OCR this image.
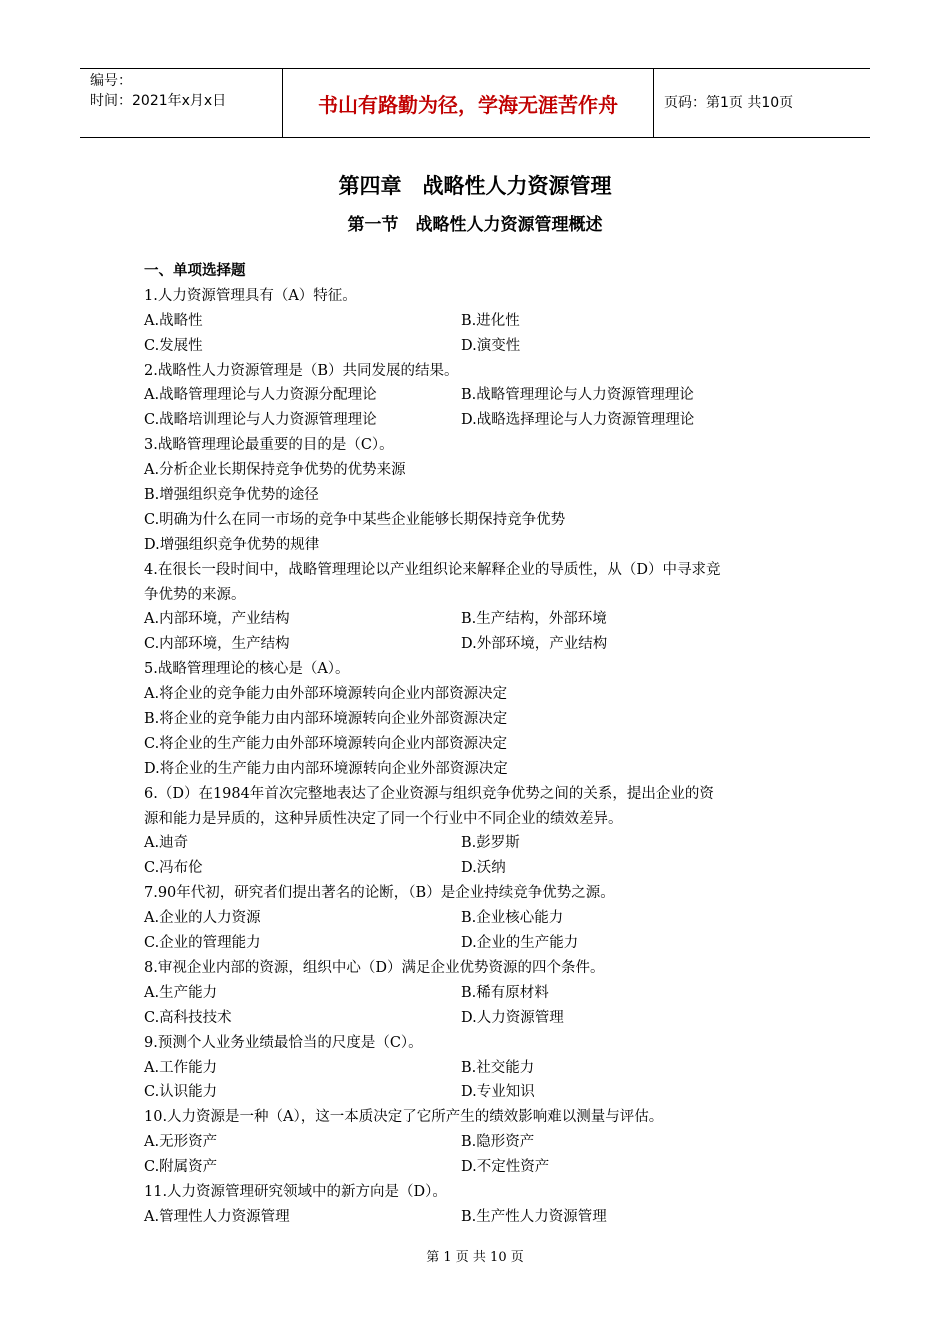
编号：
时间：2021年x月x日	书山有路勤为径，学海无涯苦作舟	页码：第1页 共10页
第四章　战略性人力资源管理
第一节　战略性人力资源管理概述
一、单项选择题
1.人力资源管理具有（A）特征。
A.战略性	B.进化性
C.发展性	D.演变性
2.战略性人力资源管理是（B）共同发展的结果。
A.战略管理理论与人力资源分配理论	B.战略管理理论与人力资源管理理论
C.战略培训理论与人力资源管理理论	D.战略选择理论与人力资源管理理论
3.战略管理理论最重要的目的是（C）。
A.分析企业长期保持竞争优势的优势来源
B.增强组织竞争优势的途径
C.明确为什么在同一市场的竞争中某些企业能够长期保持竞争优势
D.增强组织竞争优势的规律
4.在很长一段时间中，战略管理理论以产业组织论来解释企业的导质性，从（D）中寻求竞
争优势的来源。
A.内部环境，产业结构	B.生产结构，外部环境
C.内部环境，生产结构	D.外部环境，产业结构
5.战略管理理论的核心是（A）。
A.将企业的竞争能力由外部环境源转向企业内部资源决定
B.将企业的竞争能力由内部环境源转向企业外部资源决定
C.将企业的生产能力由外部环境源转向企业内部资源决定
D.将企业的生产能力由内部环境源转向企业外部资源决定
6.（D）在1984年首次完整地表达了企业资源与组织竞争优势之间的关系，提出企业的资
源和能力是异质的，这种异质性决定了同一个行业中不同企业的绩效差异。
A.迪奇	B.彭罗斯
C.冯布伦	D.沃纳
7.90年代初，研究者们提出著名的论断，（B）是企业持续竞争优势之源。
A.企业的人力资源	B.企业核心能力
C.企业的管理能力	D.企业的生产能力
8.审视企业内部的资源，组织中心（D）满足企业优势资源的四个条件。
A.生产能力	B.稀有原材料
C.高科技技术	D.人力资源管理
9.预测个人业务业绩最恰当的尺度是（C）。
A.工作能力	B.社交能力
C.认识能力	D.专业知识
10.人力资源是一种（A），这一本质决定了它所产生的绩效影响难以测量与评估。
A.无形资产	B.隐形资产
C.附属资产	D.不定性资产
11.人力资源管理研究领域中的新方向是（D）。
A.管理性人力资源管理	B.生产性人力资源管理
第 1 页 共 10 页
